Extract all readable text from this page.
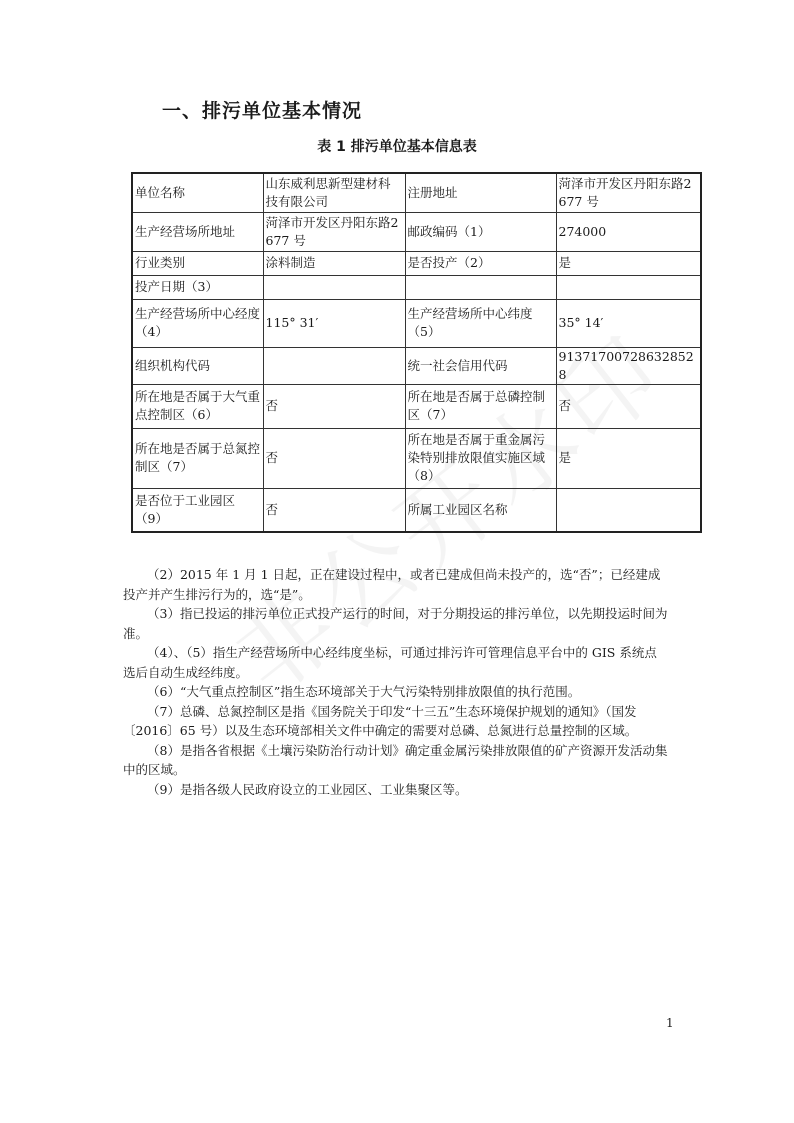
一、排污单位基本情况
表 1 排污单位基本信息表
单位名称	山东威利思新型建材科技有限公司	注册地址	菏泽市开发区丹阳东路2677 号
生产经营场所地址	菏泽市开发区丹阳东路2677 号	邮政编码（1）	274000
行业类别	涂料制造	是否投产（2）	是
投产日期（3）			
生产经营场所中心经度（4）	115° 31′	生产经营场所中心纬度（5）	35° 14′
组织机构代码		统一社会信用代码	91371700728632852​8
所在地是否属于大气重点控制区（6）	否	所在地是否属于总磷控制区（7）	否
所在地是否属于总氮控制区（7）	否	所在地是否属于重金属污染特别排放限值实施区域（8）	是
是否位于工业园区（9）	否	所属工业园区名称	

（2）2015 年 1 月 1 日起，正在建设过程中，或者已建成但尚未投产的，选“否”；已经建成投产并产生排污行为的，选“是”。

（3）指已投运的排污单位正式投产运行的时间，对于分期投运的排污单位，以先期投运时间为准。

（4）、（5）指生产经营场所中心经纬度坐标，可通过排污许可管理信息平台中的 GIS 系统点选后自动生成经纬度。

（6）“大气重点控制区”指生态环境部关于大气污染特别排放限值的执行范围。

（7）总磷、总氮控制区是指《国务院关于印发“十三五”生态环境保护规划的通知》（国发〔2016〕65 号）以及生态环境部相关文件中确定的需要对总磷、总氮进行总量控制的区域。

（8）是指各省根据《土壤污染防治行动计划》确定重金属污染排放限值的矿产资源开发活动集中的区域。

（9）是指各级人民政府设立的工业园区、工业集聚区等。

1
